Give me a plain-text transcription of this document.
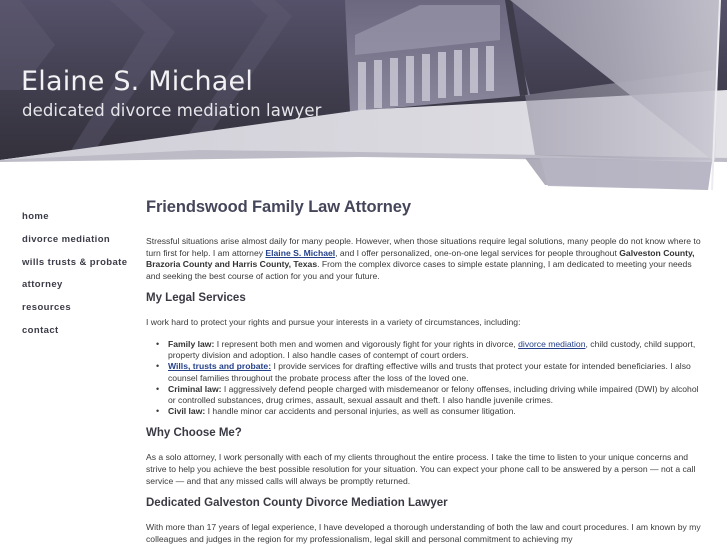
Elaine S. Michael
dedicated divorce mediation lawyer
home
divorce mediation
wills trusts & probate
attorney
resources
contact
Friendswood Family Law Attorney

Stressful situations arise almost daily for many people. However, when those situations require legal solutions, many people do not know where to turn first for help. I am attorney Elaine S. Michael, and I offer personalized, one-on-one legal services for people throughout Galveston County, Brazoria County and Harris County, Texas. From the complex divorce cases to simple estate planning, I am dedicated to meeting your needs and seeking the best course of action for you and your future.

My Legal Services

I work hard to protect your rights and pursue your interests in a variety of circumstances, including:

• Family law: I represent both men and women and vigorously fight for your rights in divorce, divorce mediation, child custody, child support, property division and adoption. I also handle cases of contempt of court orders.
• Wills, trusts and probate: I provide services for drafting effective wills and trusts that protect your estate for intended beneficiaries. I also counsel families throughout the probate process after the loss of the loved one.
• Criminal law: I aggressively defend people charged with misdemeanor or felony offenses, including driving while impaired (DWI) by alcohol or controlled substances, drug crimes, assault, sexual assault and theft. I also handle juvenile crimes.
• Civil law: I handle minor car accidents and personal injuries, as well as consumer litigation.
Why Choose Me?

As a solo attorney, I work personally with each of my clients throughout the entire process. I take the time to listen to your unique concerns and strive to help you achieve the best possible resolution for your situation. You can expect your phone call to be answered by a person — not a call service — and that any missed calls will always be promptly returned.

Dedicated Galveston County Divorce Mediation Lawyer

With more than 17 years of legal experience, I have developed a thorough understanding of both the law and court procedures. I am known by my colleagues and judges in the region for my professionalism, legal skill and personal commitment to achieving my
